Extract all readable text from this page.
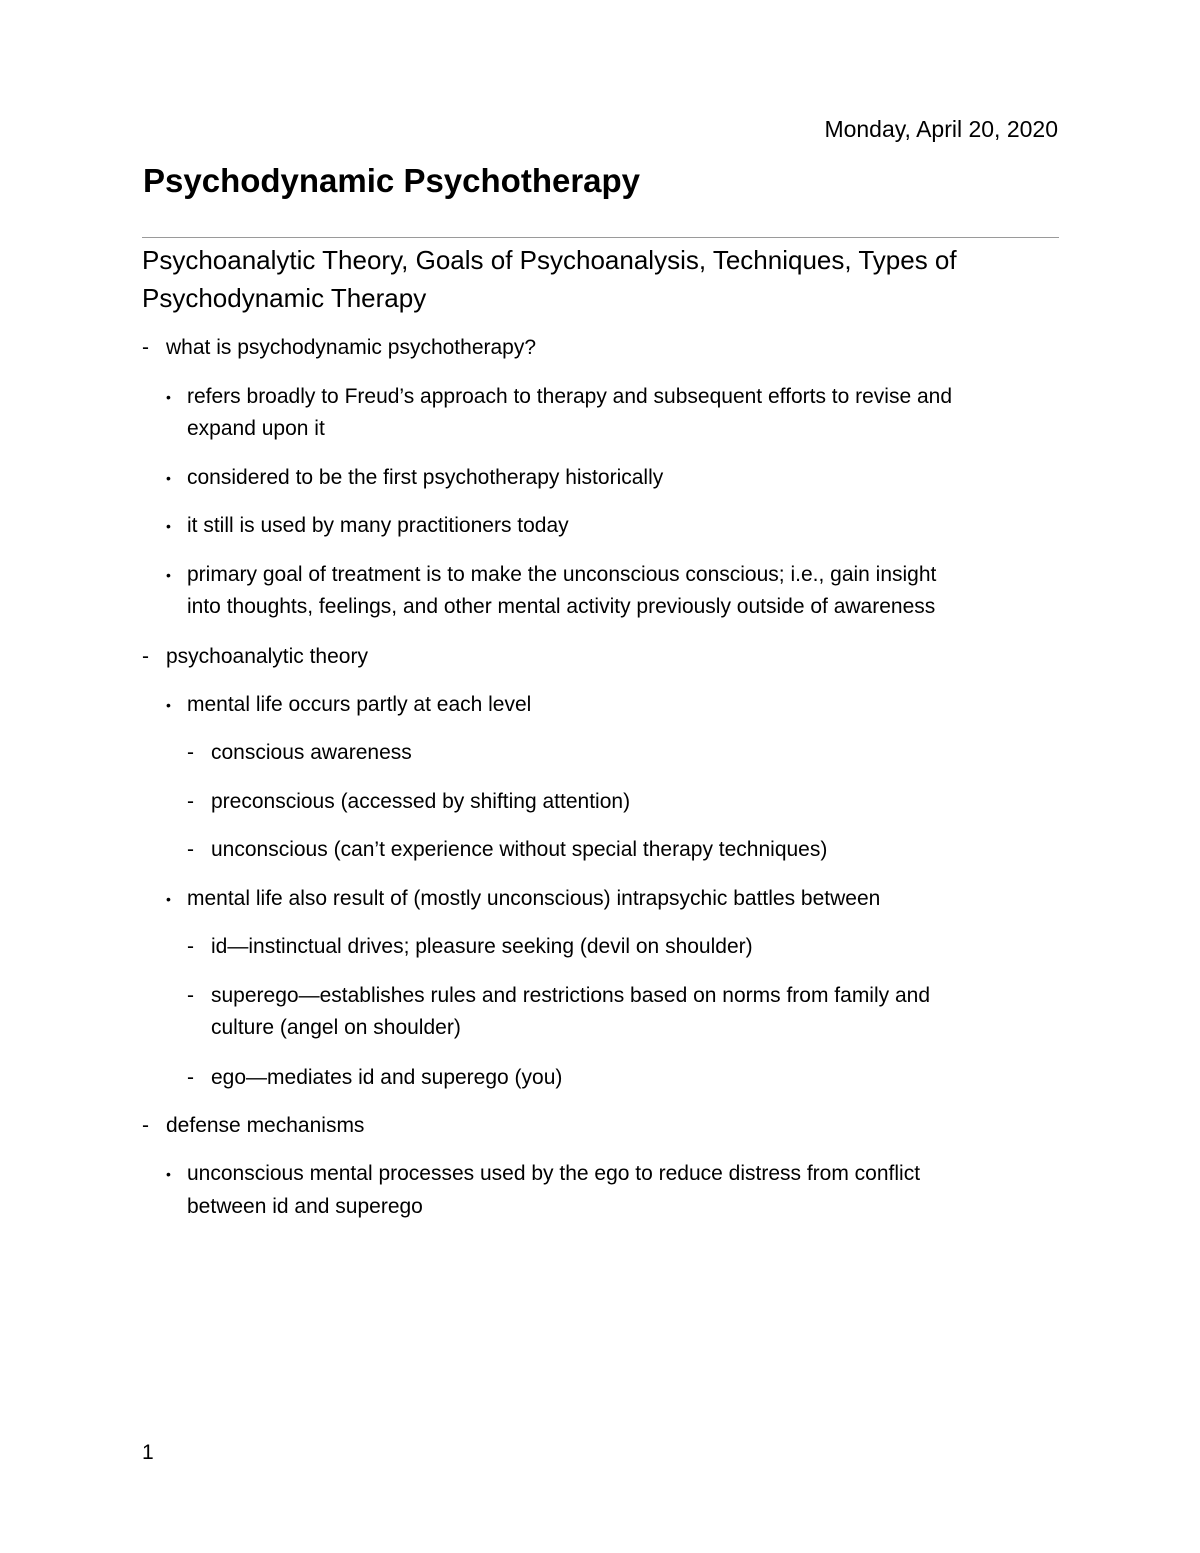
Monday, April 20, 2020
Psychodynamic Psychotherapy
Psychoanalytic Theory, Goals of Psychoanalysis, Techniques, Types of Psychodynamic Therapy
- what is psychodynamic psychotherapy?
• refers broadly to Freud’s approach to therapy and subsequent efforts to revise and
expand upon it
• considered to be the first psychotherapy historically
• it still is used by many practitioners today
• primary goal of treatment is to make the unconscious conscious; i.e., gain insight
into thoughts, feelings, and other mental activity previously outside of awareness
- psychoanalytic theory
• mental life occurs partly at each level
- conscious awareness
- preconscious (accessed by shifting attention)
- unconscious (can’t experience without special therapy techniques)
• mental life also result of (mostly unconscious) intrapsychic battles between
- id—instinctual drives; pleasure seeking (devil on shoulder)
- superego—establishes rules and restrictions based on norms from family and
culture (angel on shoulder)
- ego—mediates id and superego (you)
- defense mechanisms
• unconscious mental processes used by the ego to reduce distress from conflict
between id and superego
1
